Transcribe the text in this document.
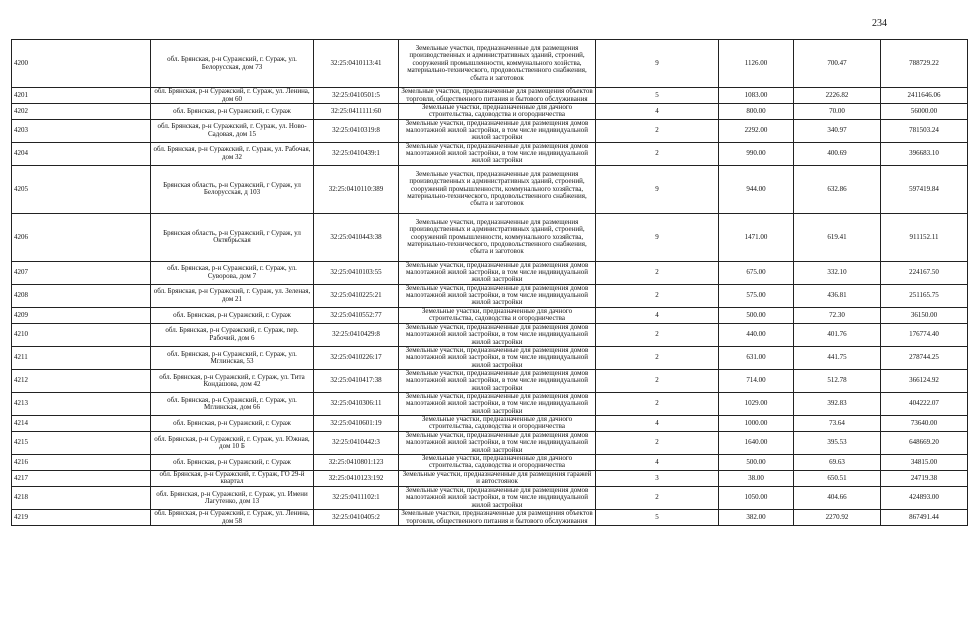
234
4200	обл. Брянская, р-н Суражский, г. Сураж, ул. Белорусская, дом 73	32:25:0410113:41	Земельные участки, предназначенные для размещения производственных и административных зданий, строений, сооружений промышленности, коммунального хозйства, материально-технического, продовольственного снабжения, сбыта и заготовок	9	1126.00	700.47	788729.22
4201	обл. Брянская, р-н Суражский, г. Сураж, ул. Ленина, дом 60	32:25:0410501:5	Земельные участки, предназначенные для размещения объектов торговли, общественного питания и бытового обслуживания	5	1083.00	2226.82	2411646.06
4202	обл. Брянская, р-н Суражский, г. Сураж	32:25:0411111:60	Земельные участки, предназначенные для дачного строительства, садоводства и огородничества	4	800.00	70.00	56000.00
4203	обл. Брянская, р-н Суражский, г. Сураж, ул. Ново-Садовая, дом 15	32:25:0410319:8	Земельные участки, предназначенные для размещения домов малоэтажной жилой застройки, в том числе индивидуальной жилой застройки	2	2292.00	340.97	781503.24
4204	обл. Брянская, р-н Суражский, г. Сураж, ул. Рабочая, дом 32	32:25:0410439:1	Земельные участки, предназначенные для размещения домов малоэтажной жилой застройки, в том числе индивидуальной жилой застройки	2	990.00	400.69	396683.10
4205	Брянская область, р-н Суражский, г Сураж, ул Белорусская, д 103	32:25:0410110:389	Земельные участки, предназначенные для размещения производственных и административных зданий, строений, сооружений промышленности, коммунального хозяйства, материально-технического, продовольственного снабжения, сбыта и заготовок	9	944.00	632.86	597419.84
4206	Брянская область, р-н Суражский, г Сураж, ул Октябрьская	32:25:0410443:38	Земельные участки, предназначенные для размещения производственных и административных зданий, строений, сооружений промышленности, коммунального хозяйства, материально-технического, продовольственного снабжения, сбыта и заготовок	9	1471.00	619.41	911152.11
4207	обл. Брянская, р-н Суражский, г. Сураж, ул. Суворова, дом 7	32:25:0410103:55	Земельные участки, предназначенные для размещения домов малоэтажной жилой застройки, в том числе индивидуальной жилой застройки	2	675.00	332.10	224167.50
4208	обл. Брянская, р-н Суражский, г. Сураж, ул. Зеленая, дом 21	32:25:0410225:21	Земельные участки, предназначенные для размещения домов малоэтажной жилой застройки, в том числе индивидуальной жилой застройки	2	575.00	436.81	251165.75
4209	обл. Брянская, р-н Суражский, г. Сураж	32:25:0410552:77	Земельные участки, предназначенные для дачного строительства, садоводства и огородничества	4	500.00	72.30	36150.00
4210	обл. Брянская, р-н Суражский, г. Сураж, пер. Рабочий, дом 6	32:25:0410429:8	Земельные участки, предназначенные для размещения домов малоэтажной жилой застройки, в том числе индивидуальной жилой застройки	2	440.00	401.76	176774.40
4211	обл. Брянская, р-н Суражский, г. Сураж, ул. Мглинская, 53	32:25:0410226:17	Земельные участки, предназначенные для размещения домов малоэтажной жилой застройки, в том числе индивидуальной жилой застройки	2	631.00	441.75	278744.25
4212	обл. Брянская, р-н Суражский, г. Сураж, ул. Тита Кондашова, дом 42	32:25:0410417:38	Земельные участки, предназначенные для размещения домов малоэтажной жилой застройки, в том числе индивидуальной жилой застройки	2	714.00	512.78	366124.92
4213	обл. Брянская, р-н Суражский, г. Сураж, ул. Мглинская, дом 66	32:25:0410306:11	Земельные участки, предназначенные для размещения домов малоэтажной жилой застройки, в том числе индивидуальной жилой застройки	2	1029.00	392.83	404222.07
4214	обл. Брянская, р-н Суражский, г. Сураж	32:25:0410601:19	Земельные участки, предназначенные для дачного строительства, садоводства и огородничества	4	1000.00	73.64	73640.00
4215	обл. Брянская, р-н Суражский, г. Сураж, ул. Южная, дом 10 Б	32:25:0410442:3	Земельные участки, предназначенные для размещения домов малоэтажной жилой застройки, в том числе индивидуальной жилой застройки	2	1640.00	395.53	648669.20
4216	обл. Брянская, р-н Суражский, г. Сураж	32:25:0410801:123	Земельные участки, предназначенные для дачного строительства, садоводства и огородничества	4	500.00	69.63	34815.00
4217	обл. Брянская, р-н Суражский, г. Сураж, ГО 29-й квартал	32:25:0410123:192	Земельные участки, предназначенные для размещения гаражей и автостоянок	3	38.00	650.51	24719.38
4218	обл. Брянская, р-н Суражский, г. Сураж, ул. Имени Лагутенко, дом 13	32:25:0411102:1	Земельные участки, предназначенные для размещения домов малоэтажной жилой застройки, в том числе индивидуальной жилой застройки	2	1050.00	404.66	424893.00
4219	обл. Брянская, р-н Суражский, г. Сураж, ул. Ленина, дом 58	32:25:0410405:2	Земельные участки, предназначенные для размещения объектов торговли, общественного питания и бытового обслуживания	5	382.00	2270.92	867491.44
